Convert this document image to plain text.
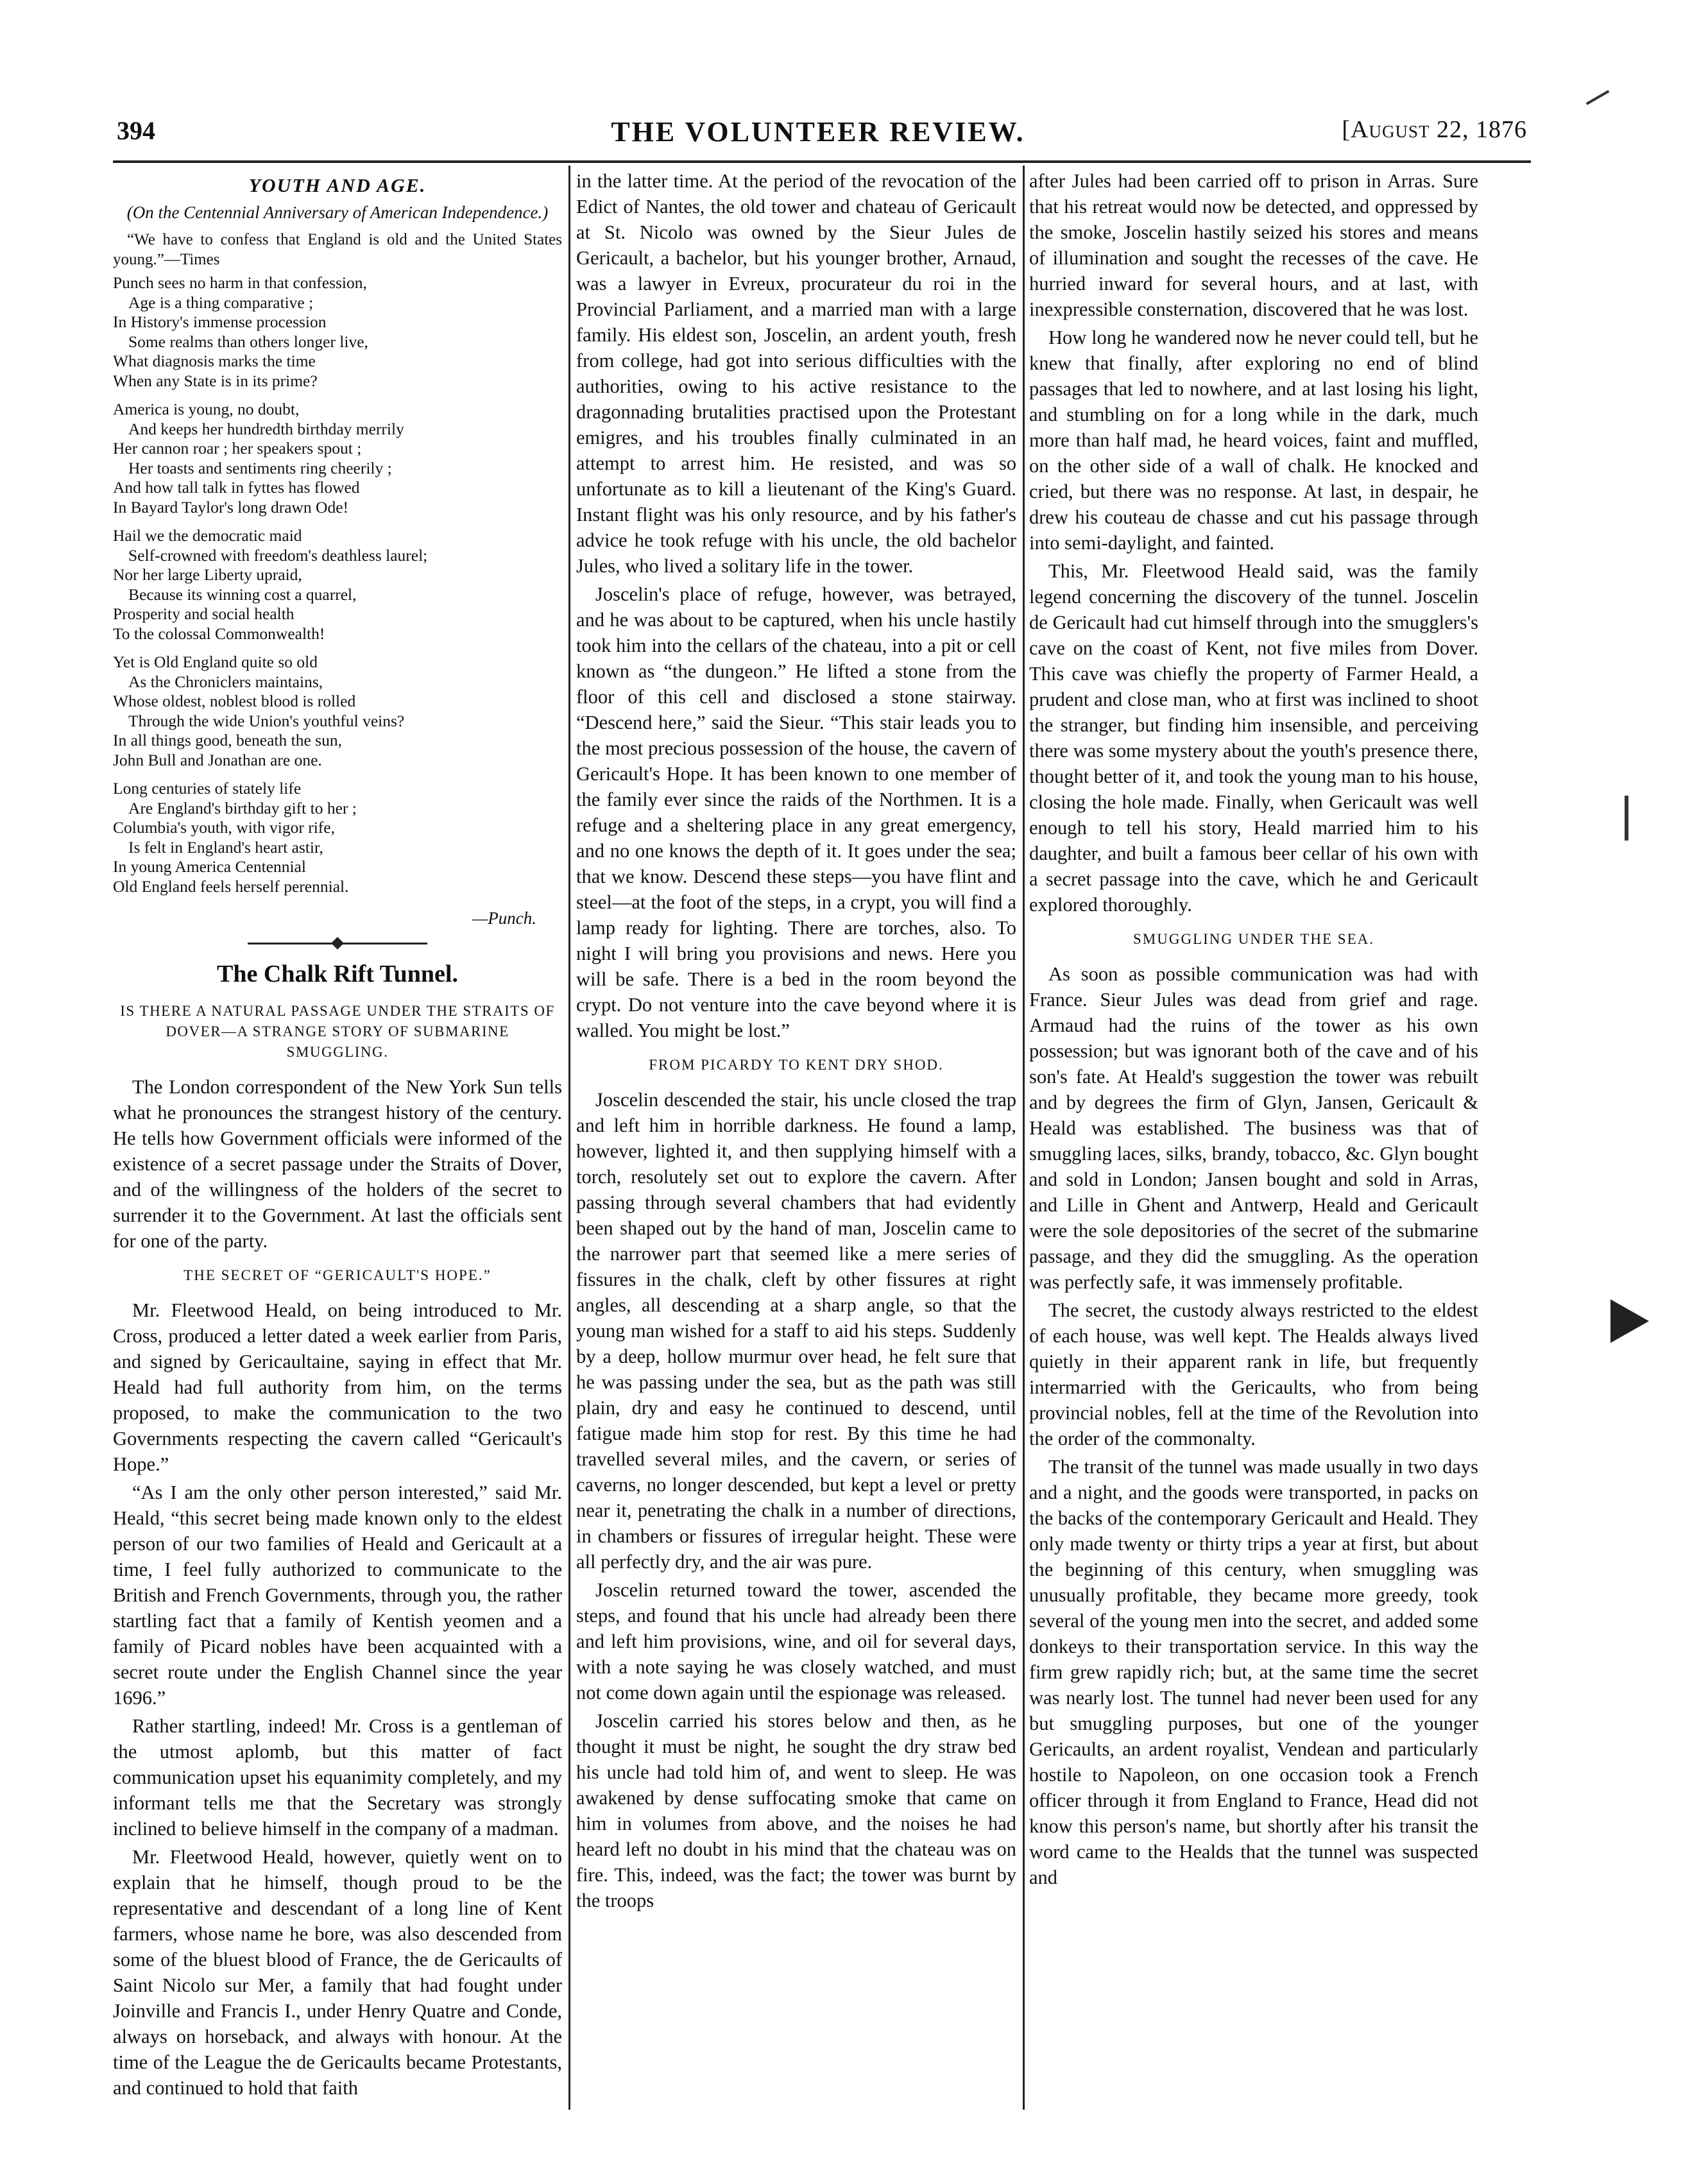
394	THE VOLUNTEER REVIEW.	[August 22, 1876

YOUTH AND AGE.

(On the Centennial Anniversary of American Independence.)

“We have to confess that England is old and the United States young.”—Times

Punch sees no harm in that confession,
Age is a thing comparative ;
In History's immense procession
Some realms than others longer live,
What diagnosis marks the time
When any State is in its prime?
America is young, no doubt,
And keeps her hundredth birthday merrily
Her cannon roar ; her speakers spout ;
Her toasts and sentiments ring cheerily ;
And how tall talk in fyttes has flowed
In Bayard Taylor's long drawn Ode!
Hail we the democratic maid
Self-crowned with freedom's deathless laurel;
Nor her large Liberty upraid,
Because its winning cost a quarrel,
Prosperity and social health
To the colossal Commonwealth!
Yet is Old England quite so old
As the Chroniclers maintains,
Whose oldest, noblest blood is rolled
Through the wide Union's youthful veins?
In all things good, beneath the sun,
John Bull and Jonathan are one.
Long centuries of stately life
Are England's birthday gift to her ;
Columbia's youth, with vigor rife,
Is felt in England's heart astir,
In young America Centennial
Old England feels herself perennial.
—Punch.
The Chalk Rift Tunnel.

IS THERE A NATURAL PASSAGE UNDER THE STRAITS OF DOVER—A STRANGE STORY OF SUBMARINE SMUGGLING.

The London correspondent of the New York Sun tells what he pronounces the strangest history of the century. He tells how Government officials were informed of the existence of a secret passage under the Straits of Dover, and of the willingness of the holders of the secret to surrender it to the Government. At last the officials sent for one of the party.

THE SECRET OF “GERICAULT'S HOPE.”

Mr. Fleetwood Heald, on being introduced to Mr. Cross, produced a letter dated a week earlier from Paris, and signed by Gericaultaine, saying in effect that Mr. Heald had full authority from him, on the terms proposed, to make the communication to the two Governments respecting the cavern called “Gericault's Hope.”

“As I am the only other person interested,” said Mr. Heald, “this secret being made known only to the eldest person of our two families of Heald and Gericault at a time, I feel fully authorized to communicate to the British and French Governments, through you, the rather startling fact that a family of Kentish yeomen and a family of Picard nobles have been acquainted with a secret route under the English Channel since the year 1696.”

Rather startling, indeed! Mr. Cross is a gentleman of the utmost aplomb, but this matter of fact communication upset his equanimity completely, and my informant tells me that the Secretary was strongly inclined to believe himself in the company of a madman.

Mr. Fleetwood Heald, however, quietly went on to explain that he himself, though proud to be the representative and descendant of a long line of Kent farmers, whose name he bore, was also descended from some of the bluest blood of France, the de Gericaults of Saint Nicolo sur Mer, a family that had fought under Joinville and Francis I., under Henry Quatre and Conde, always on horseback, and always with honour. At the time of the League the de Gericaults became Protestants, and continued to hold that faith

in the latter time. At the period of the revocation of the Edict of Nantes, the old tower and chateau of Gericault at St. Nicolo was owned by the Sieur Jules de Gericault, a bachelor, but his younger brother, Arnaud, was a lawyer in Evreux, procurateur du roi in the Provincial Parliament, and a married man with a large family. His eldest son, Joscelin, an ardent youth, fresh from college, had got into serious difficulties with the authorities, owing to his active resistance to the dragonnading brutalities practised upon the Protestant emigres, and his troubles finally culminated in an attempt to arrest him. He resisted, and was so unfortunate as to kill a lieutenant of the King's Guard. Instant flight was his only resource, and by his father's advice he took refuge with his uncle, the old bachelor Jules, who lived a solitary life in the tower.

Joscelin's place of refuge, however, was betrayed, and he was about to be captured, when his uncle hastily took him into the cellars of the chateau, into a pit or cell known as “the dungeon.” He lifted a stone from the floor of this cell and disclosed a stone stairway. “Descend here,” said the Sieur. “This stair leads you to the most precious possession of the house, the cavern of Gericault's Hope. It has been known to one member of the family ever since the raids of the Northmen. It is a refuge and a sheltering place in any great emergency, and no one knows the depth of it. It goes under the sea; that we know. Descend these steps—you have flint and steel—at the foot of the steps, in a crypt, you will find a lamp ready for lighting. There are torches, also. To night I will bring you provisions and news. Here you will be safe. There is a bed in the room beyond the crypt. Do not venture into the cave beyond where it is walled. You might be lost.”

FROM PICARDY TO KENT DRY SHOD.

Joscelin descended the stair, his uncle closed the trap and left him in horrible darkness. He found a lamp, however, lighted it, and then supplying himself with a torch, resolutely set out to explore the cavern. After passing through several chambers that had evidently been shaped out by the hand of man, Joscelin came to the narrower part that seemed like a mere series of fissures in the chalk, cleft by other fissures at right angles, all descending at a sharp angle, so that the young man wished for a staff to aid his steps. Suddenly by a deep, hollow murmur over head, he felt sure that he was passing under the sea, but as the path was still plain, dry and easy he continued to descend, until fatigue made him stop for rest. By this time he had travelled several miles, and the cavern, or series of caverns, no longer descended, but kept a level or pretty near it, penetrating the chalk in a number of directions, in chambers or fissures of irregular height. These were all perfectly dry, and the air was pure.

Joscelin returned toward the tower, ascended the steps, and found that his uncle had already been there and left him provisions, wine, and oil for several days, with a note saying he was closely watched, and must not come down again until the espionage was released.

Joscelin carried his stores below and then, as he thought it must be night, he sought the dry straw bed his uncle had told him of, and went to sleep. He was awakened by dense suffocating smoke that came on him in volumes from above, and the noises he had heard left no doubt in his mind that the chateau was on fire. This, indeed, was the fact; the tower was burnt by the troops

after Jules had been carried off to prison in Arras. Sure that his retreat would now be detected, and oppressed by the smoke, Joscelin hastily seized his stores and means of illumination and sought the recesses of the cave. He hurried inward for several hours, and at last, with inexpressible consternation, discovered that he was lost.

How long he wandered now he never could tell, but he knew that finally, after exploring no end of blind passages that led to nowhere, and at last losing his light, and stumbling on for a long while in the dark, much more than half mad, he heard voices, faint and muffled, on the other side of a wall of chalk. He knocked and cried, but there was no response. At last, in despair, he drew his couteau de chasse and cut his passage through into semi-daylight, and fainted.

This, Mr. Fleetwood Heald said, was the family legend concerning the discovery of the tunnel. Joscelin de Gericault had cut himself through into the smugglers's cave on the coast of Kent, not five miles from Dover. This cave was chiefly the property of Farmer Heald, a prudent and close man, who at first was inclined to shoot the stranger, but finding him insensible, and perceiving there was some mystery about the youth's presence there, thought better of it, and took the young man to his house, closing the hole made. Finally, when Gericault was well enough to tell his story, Heald married him to his daughter, and built a famous beer cellar of his own with a secret passage into the cave, which he and Gericault explored thoroughly.

SMUGGLING UNDER THE SEA.

As soon as possible communication was had with France. Sieur Jules was dead from grief and rage. Armaud had the ruins of the tower as his own possession; but was ignorant both of the cave and of his son's fate. At Heald's suggestion the tower was rebuilt and by degrees the firm of Glyn, Jansen, Gericault & Heald was established. The business was that of smuggling laces, silks, brandy, tobacco, &c. Glyn bought and sold in London; Jansen bought and sold in Arras, and Lille in Ghent and Antwerp, Heald and Gericault were the sole depositories of the secret of the submarine passage, and they did the smuggling. As the operation was perfectly safe, it was immensely profitable.

The secret, the custody always restricted to the eldest of each house, was well kept. The Healds always lived quietly in their apparent rank in life, but frequently intermarried with the Gericaults, who from being provincial nobles, fell at the time of the Revolution into the order of the commonalty.

The transit of the tunnel was made usually in two days and a night, and the goods were transported, in packs on the backs of the contemporary Gericault and Heald. They only made twenty or thirty trips a year at first, but about the beginning of this century, when smuggling was unusually profitable, they became more greedy, took several of the young men into the secret, and added some donkeys to their transportation service. In this way the firm grew rapidly rich; but, at the same time the secret was nearly lost. The tunnel had never been used for any but smuggling purposes, but one of the younger Gericaults, an ardent royalist, Vendean and particularly hostile to Napoleon, on one occasion took a French officer through it from England to France, Head did not know this person's name, but shortly after his transit the word came to the Healds that the tunnel was suspected and
